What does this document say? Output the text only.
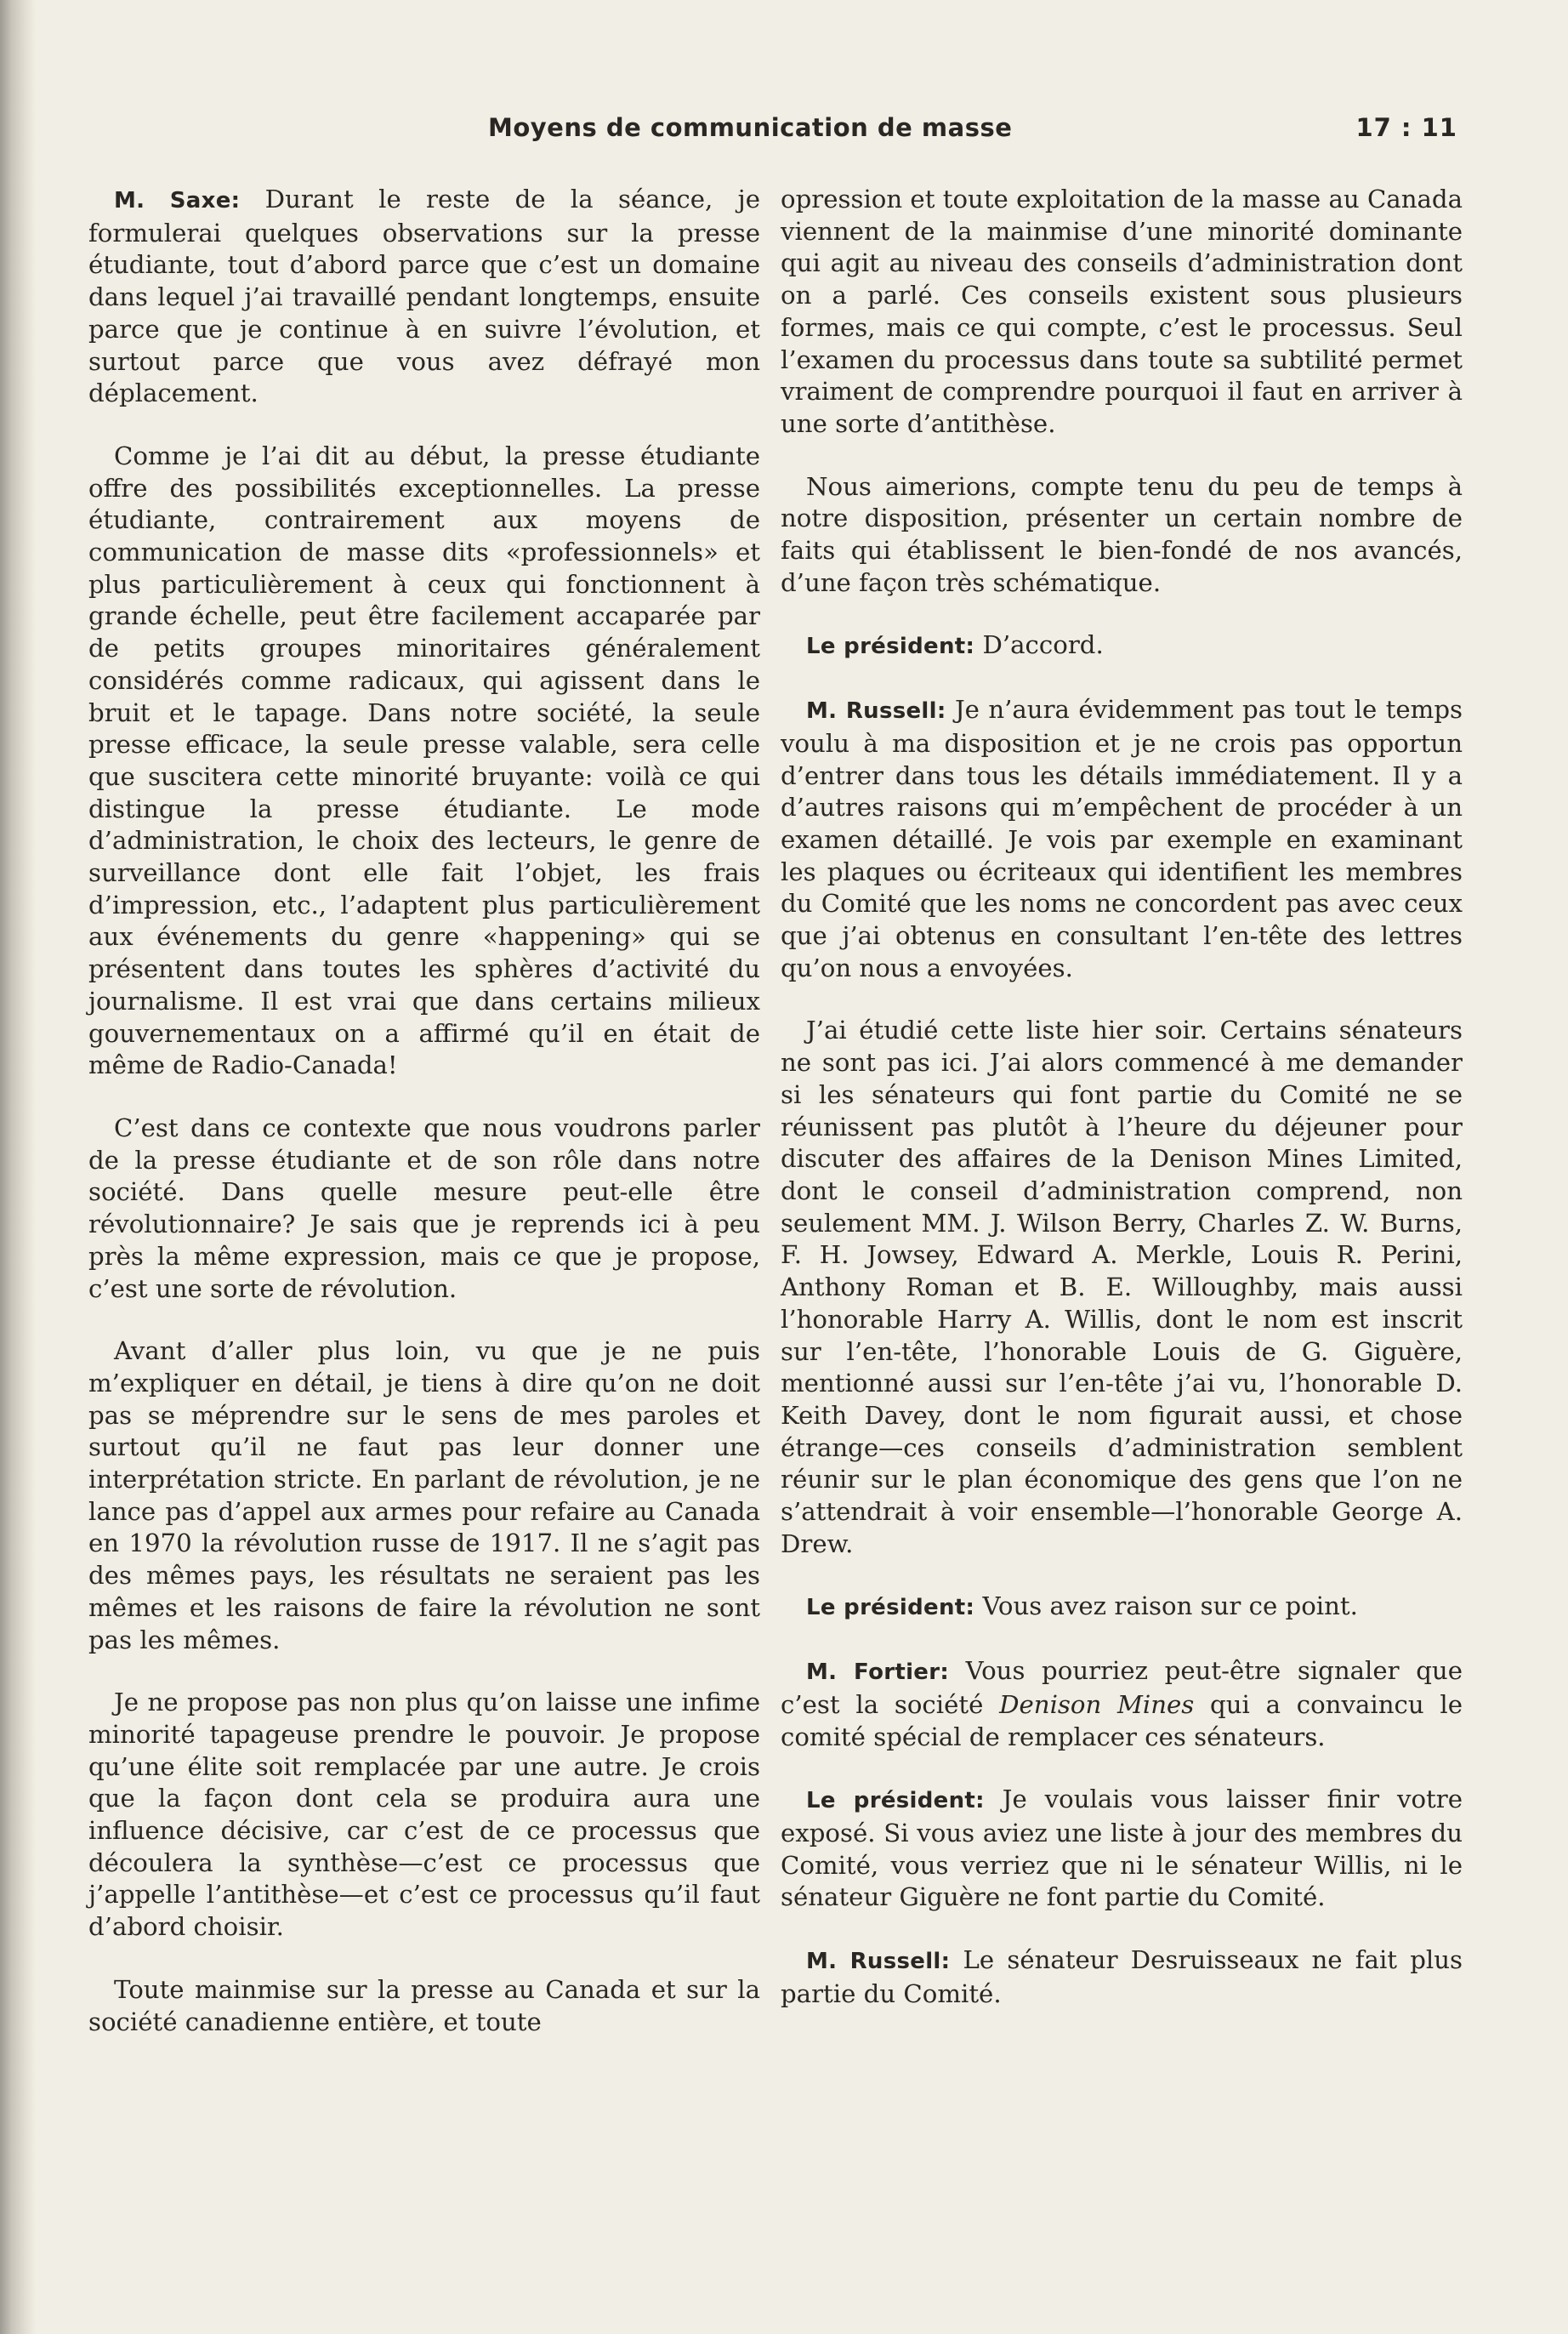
Moyens de communication de masse	17 : 11

M. Saxe: Durant le reste de la séance, je formulerai quelques observations sur la presse étudiante, tout d’abord parce que c’est un domaine dans lequel j’ai travaillé pendant longtemps, ensuite parce que je continue à en suivre l’évolution, et surtout parce que vous avez défrayé mon déplacement.

Comme je l’ai dit au début, la presse étudiante offre des possibilités exceptionnelles. La presse étudiante, contrairement aux moyens de communication de masse dits «professionnels» et plus particulièrement à ceux qui fonctionnent à grande échelle, peut être facilement accaparée par de petits groupes minoritaires généralement considérés comme radicaux, qui agissent dans le bruit et le tapage. Dans notre société, la seule presse efficace, la seule presse valable, sera celle que suscitera cette minorité bruyante: voilà ce qui distingue la presse étudiante. Le mode d’administration, le choix des lecteurs, le genre de surveillance dont elle fait l’objet, les frais d’impression, etc., l’adaptent plus particulièrement aux événements du genre «happening» qui se présentent dans toutes les sphères d’activité du journalisme. Il est vrai que dans certains milieux gouvernementaux on a affirmé qu’il en était de même de Radio-Canada!

C’est dans ce contexte que nous voudrons parler de la presse étudiante et de son rôle dans notre société. Dans quelle mesure peut-elle être révolutionnaire? Je sais que je reprends ici à peu près la même expression, mais ce que je propose, c’est une sorte de révolution.

Avant d’aller plus loin, vu que je ne puis m’expliquer en détail, je tiens à dire qu’on ne doit pas se méprendre sur le sens de mes paroles et surtout qu’il ne faut pas leur donner une interprétation stricte. En parlant de révolution, je ne lance pas d’appel aux armes pour refaire au Canada en 1970 la révolution russe de 1917. Il ne s’agit pas des mêmes pays, les résultats ne seraient pas les mêmes et les raisons de faire la révolution ne sont pas les mêmes.

Je ne propose pas non plus qu’on laisse une infime minorité tapageuse prendre le pouvoir. Je propose qu’une élite soit remplacée par une autre. Je crois que la façon dont cela se produira aura une influence décisive, car c’est de ce processus que découlera la synthèse—c’est ce processus que j’appelle l’antithèse—et c’est ce processus qu’il faut d’abord choisir.

Toute mainmise sur la presse au Canada et sur la société canadienne entière, et toute

opression et toute exploitation de la masse au Canada viennent de la mainmise d’une minorité dominante qui agit au niveau des conseils d’administration dont on a parlé. Ces conseils existent sous plusieurs formes, mais ce qui compte, c’est le processus. Seul l’examen du processus dans toute sa subtilité permet vraiment de comprendre pourquoi il faut en arriver à une sorte d’antithèse.

Nous aimerions, compte tenu du peu de temps à notre disposition, présenter un certain nombre de faits qui établissent le bien-fondé de nos avancés, d’une façon très schématique.

Le président: D’accord.

M. Russell: Je n’aura évidemment pas tout le temps voulu à ma disposition et je ne crois pas opportun d’entrer dans tous les détails immédiatement. Il y a d’autres raisons qui m’empêchent de procéder à un examen détaillé. Je vois par exemple en examinant les plaques ou écriteaux qui identifient les membres du Comité que les noms ne concordent pas avec ceux que j’ai obtenus en consultant l’en-tête des lettres qu’on nous a envoyées.

J’ai étudié cette liste hier soir. Certains sénateurs ne sont pas ici. J’ai alors commencé à me demander si les sénateurs qui font partie du Comité ne se réunissent pas plutôt à l’heure du déjeuner pour discuter des affaires de la Denison Mines Limited, dont le conseil d’administration comprend, non seulement MM. J. Wilson Berry, Charles Z. W. Burns, F. H. Jowsey, Edward A. Merkle, Louis R. Perini, Anthony Roman et B. E. Willoughby, mais aussi l’honorable Harry A. Willis, dont le nom est inscrit sur l’en-tête, l’honorable Louis de G. Giguère, mentionné aussi sur l’en-tête j’ai vu, l’honorable D. Keith Davey, dont le nom figurait aussi, et chose étrange—ces conseils d’administration semblent réunir sur le plan économique des gens que l’on ne s’attendrait à voir ensemble—l’honorable George A. Drew.

Le président: Vous avez raison sur ce point.

M. Fortier: Vous pourriez peut-être signaler que c’est la société Denison Mines qui a convaincu le comité spécial de remplacer ces sénateurs.

Le président: Je voulais vous laisser finir votre exposé. Si vous aviez une liste à jour des membres du Comité, vous verriez que ni le sénateur Willis, ni le sénateur Giguère ne font partie du Comité.

M. Russell: Le sénateur Desruisseaux ne fait plus partie du Comité.
